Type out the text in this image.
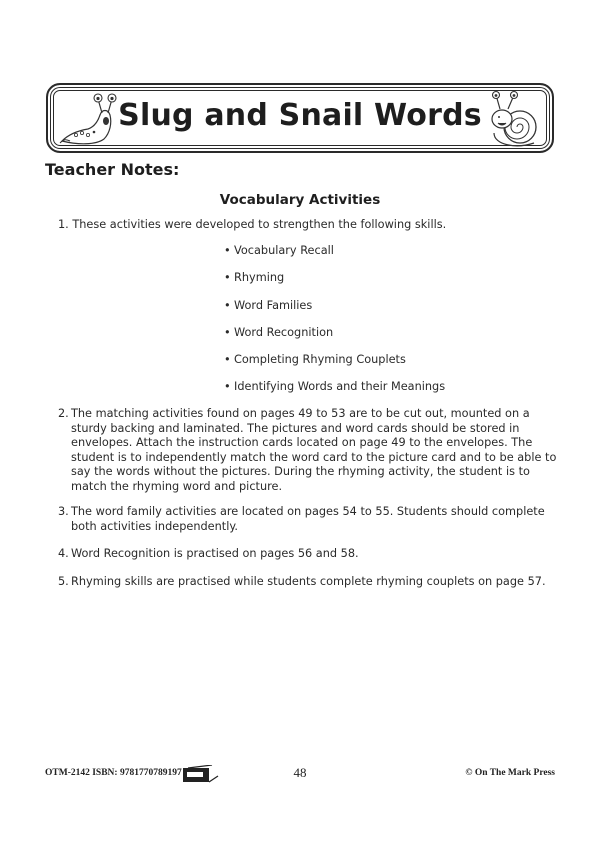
Slug and Snail Words
Teacher Notes:
Vocabulary Activities
1. These activities were developed to strengthen the following skills.
• Vocabulary Recall
• Rhyming
• Word Families
• Word Recognition
• Completing Rhyming Couplets
• Identifying Words and their Meanings
2. The matching activities found on pages 49 to 53 are to be cut out, mounted on a sturdy backing and laminated. The pictures and word cards should be stored in envelopes. Attach the instruction cards located on page 49 to the envelopes. The student is to independently match the word card to the picture card and to be able to say the words without the pictures. During the rhyming activity, the student is to match the rhyming word and picture.
3. The word family activities are located on pages 54 to 55. Students should complete both activities independently.
4. Word Recognition is practised on pages 56 and 58.
5. Rhyming skills are practised while students complete rhyming couplets on page 57.
OTM-2142 ISBN: 9781770789197	48	© On The Mark Press
